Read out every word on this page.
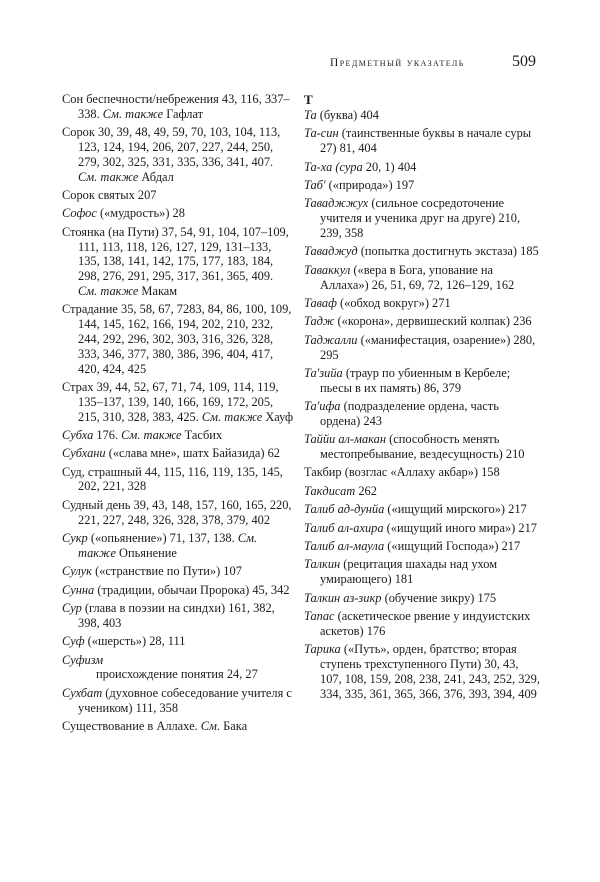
Предметный указатель	509
Сон беспечности/небрежения 43, 116, 337–338. См. также Гафлат
Сорок 30, 39, 48, 49, 59, 70, 103, 104, 113, 123, 124, 194, 206, 207, 227, 244, 250, 279, 302, 325, 331, 335, 336, 341, 407. См. также Абдал
Сорок святых 207
Софос («мудрость») 28
Стоянка (на Пути) 37, 54, 91, 104, 107–109, 111, 113, 118, 126, 127, 129, 131–133, 135, 138, 141, 142, 175, 177, 183, 184, 298, 276, 291, 295, 317, 361, 365, 409. См. также Макам
Страдание 35, 58, 67, 7283, 84, 86, 100, 109, 144, 145, 162, 166, 194, 202, 210, 232, 244, 292, 296, 302, 303, 316, 326, 328, 333, 346, 377, 380, 386, 396, 404, 417, 420, 424, 425
Страх 39, 44, 52, 67, 71, 74, 109, 114, 119, 135–137, 139, 140, 166, 169, 172, 205, 215, 310, 328, 383, 425. См. также Хауф
Субха 176. См. также Тасбих
Субхани («слава мне», шатх Байазида) 62
Суд, страшный 44, 115, 116, 119, 135, 145, 202, 221, 328
Судный день 39, 43, 148, 157, 160, 165, 220, 221, 227, 248, 326, 328, 378, 379, 402
Сукр («опьянение») 71, 137, 138. См. также Опьянение
Сулук («странствие по Пути») 107
Сунна (традиции, обычаи Пророка) 45, 342
Сур (глава в поэзии на синдхи) 161, 382, 398, 403
Суф («шерсть») 28, 111
Суфизм
происхождение понятия 24, 27
Сухбат (духовное собеседование учителя с учеником) 111, 358
Существование в Аллахе. См. Бака
Т
Та (буква) 404
Та-син (таинственные буквы в начале суры 27) 81, 404
Та-ха (сура 20, 1) 404
Таб' («природа») 197
Таваджжух (сильное сосредоточение учителя и ученика друг на друге) 210, 239, 358
Таваджуд (попытка достигнуть экстаза) 185
Таваккул («вера в Бога, упование на Аллаха») 26, 51, 69, 72, 126–129, 162
Таваф («обход вокруг») 271
Тадж («корона», дервишеский колпак) 236
Таджалли («манифестация, озарение») 280, 295
Та'зийа (траур по убиенным в Кербеле; пьесы в их память) 86, 379
Та'ифа (подразделение ордена, часть ордена) 243
Таййи ал-макан (способность менять местопребывание, вездесущность) 210
Такбир (возглас «Аллаху акбар») 158
Такдисат 262
Талиб ад-дунйа («ищущий мирского») 217
Талиб ал-ахира («ищущий иного мира») 217
Талиб ал-маула («ищущий Господа») 217
Талкин (рецитация шахады над ухом умирающего) 181
Талкин аз-зикр (обучение зикру) 175
Тапас (аскетическое рвение у индуистских аскетов) 176
Тарика («Путь», орден, братство; вторая ступень трехступенного Пути) 30, 43, 107, 108, 159, 208, 238, 241, 243, 252, 329, 334, 335, 361, 365, 366, 376, 393, 394, 409
